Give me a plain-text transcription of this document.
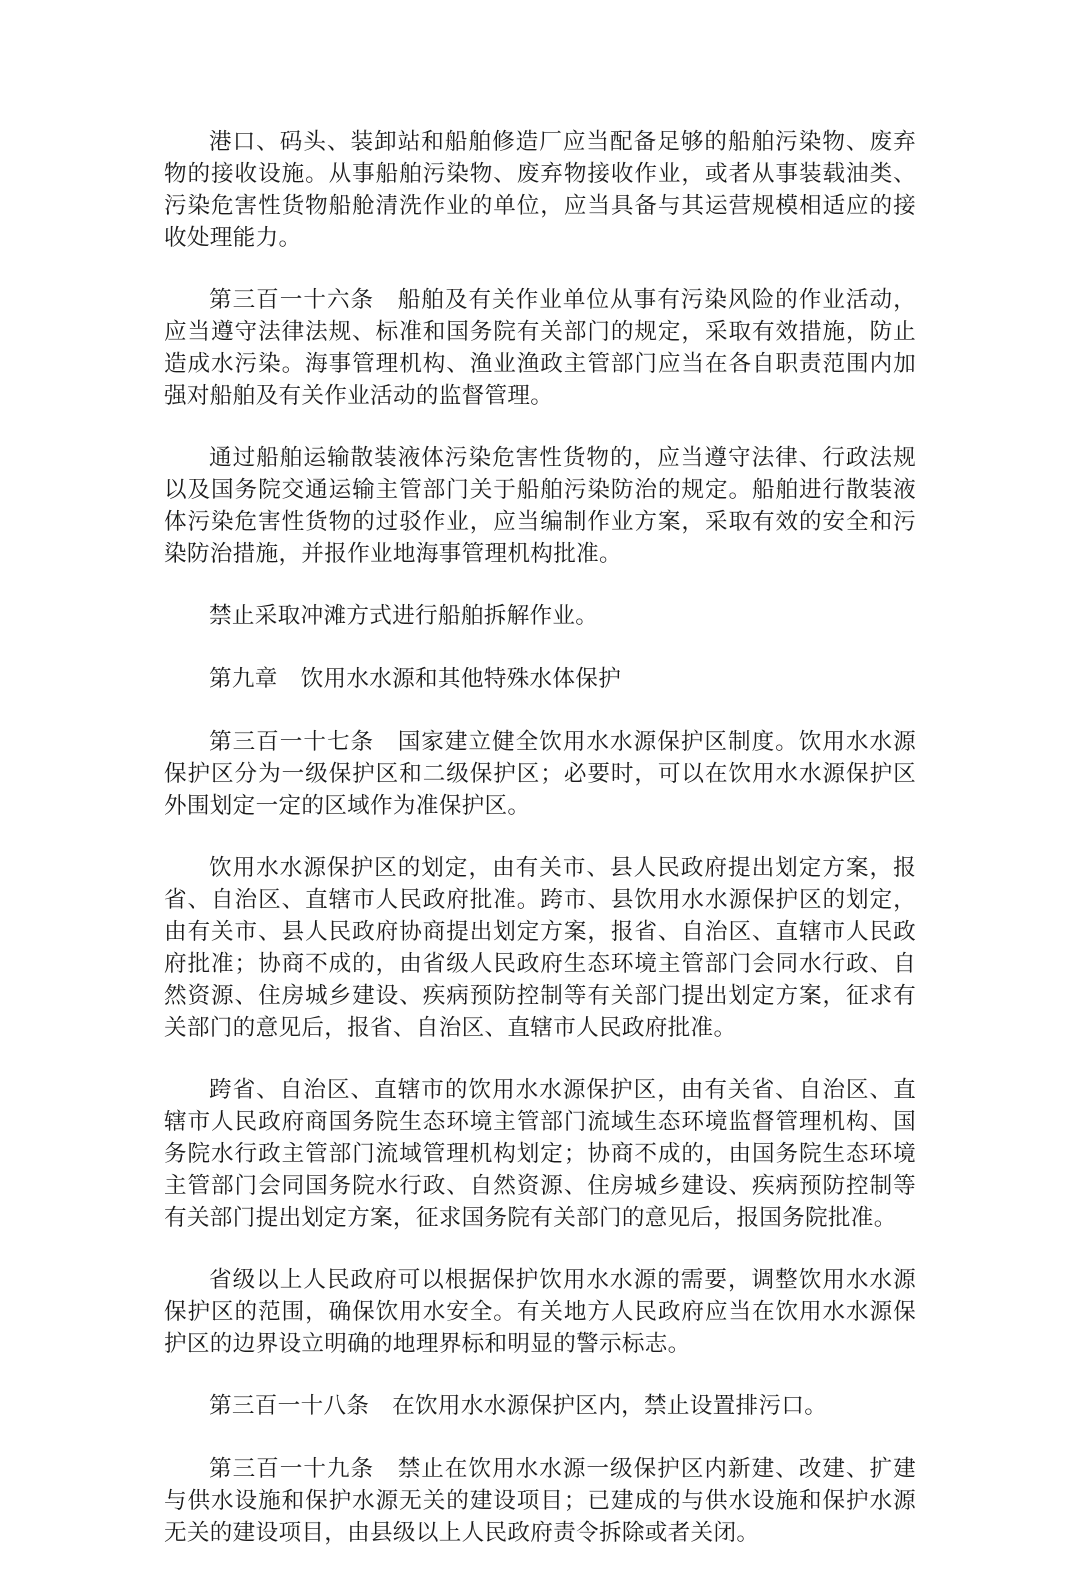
港口、码头、装卸站和船舶修造厂应当配备足够的船舶污染物、废弃物的接收设施。从事船舶污染物、废弃物接收作业，或者从事装载油类、污染危害性货物船舱清洗作业的单位，应当具备与其运营规模相适应的接收处理能力。

第三百一十六条　船舶及有关作业单位从事有污染风险的作业活动，应当遵守法律法规、标准和国务院有关部门的规定，采取有效措施，防止造成水污染。海事管理机构、渔业渔政主管部门应当在各自职责范围内加强对船舶及有关作业活动的监督管理。

通过船舶运输散装液体污染危害性货物的，应当遵守法律、行政法规以及国务院交通运输主管部门关于船舶污染防治的规定。船舶进行散装液体污染危害性货物的过驳作业，应当编制作业方案，采取有效的安全和污染防治措施，并报作业地海事管理机构批准。

禁止采取冲滩方式进行船舶拆解作业。

第九章　饮用水水源和其他特殊水体保护

第三百一十七条　国家建立健全饮用水水源保护区制度。饮用水水源保护区分为一级保护区和二级保护区；必要时，可以在饮用水水源保护区外围划定一定的区域作为准保护区。

饮用水水源保护区的划定，由有关市、县人民政府提出划定方案，报省、自治区、直辖市人民政府批准。跨市、县饮用水水源保护区的划定，由有关市、县人民政府协商提出划定方案，报省、自治区、直辖市人民政府批准；协商不成的，由省级人民政府生态环境主管部门会同水行政、自然资源、住房城乡建设、疾病预防控制等有关部门提出划定方案，征求有关部门的意见后，报省、自治区、直辖市人民政府批准。

跨省、自治区、直辖市的饮用水水源保护区，由有关省、自治区、直辖市人民政府商国务院生态环境主管部门流域生态环境监督管理机构、国务院水行政主管部门流域管理机构划定；协商不成的，由国务院生态环境主管部门会同国务院水行政、自然资源、住房城乡建设、疾病预防控制等有关部门提出划定方案，征求国务院有关部门的意见后，报国务院批准。

省级以上人民政府可以根据保护饮用水水源的需要，调整饮用水水源保护区的范围，确保饮用水安全。有关地方人民政府应当在饮用水水源保护区的边界设立明确的地理界标和明显的警示标志。

第三百一十八条　在饮用水水源保护区内，禁止设置排污口。

第三百一十九条　禁止在饮用水水源一级保护区内新建、改建、扩建与供水设施和保护水源无关的建设项目；已建成的与供水设施和保护水源无关的建设项目，由县级以上人民政府责令拆除或者关闭。
